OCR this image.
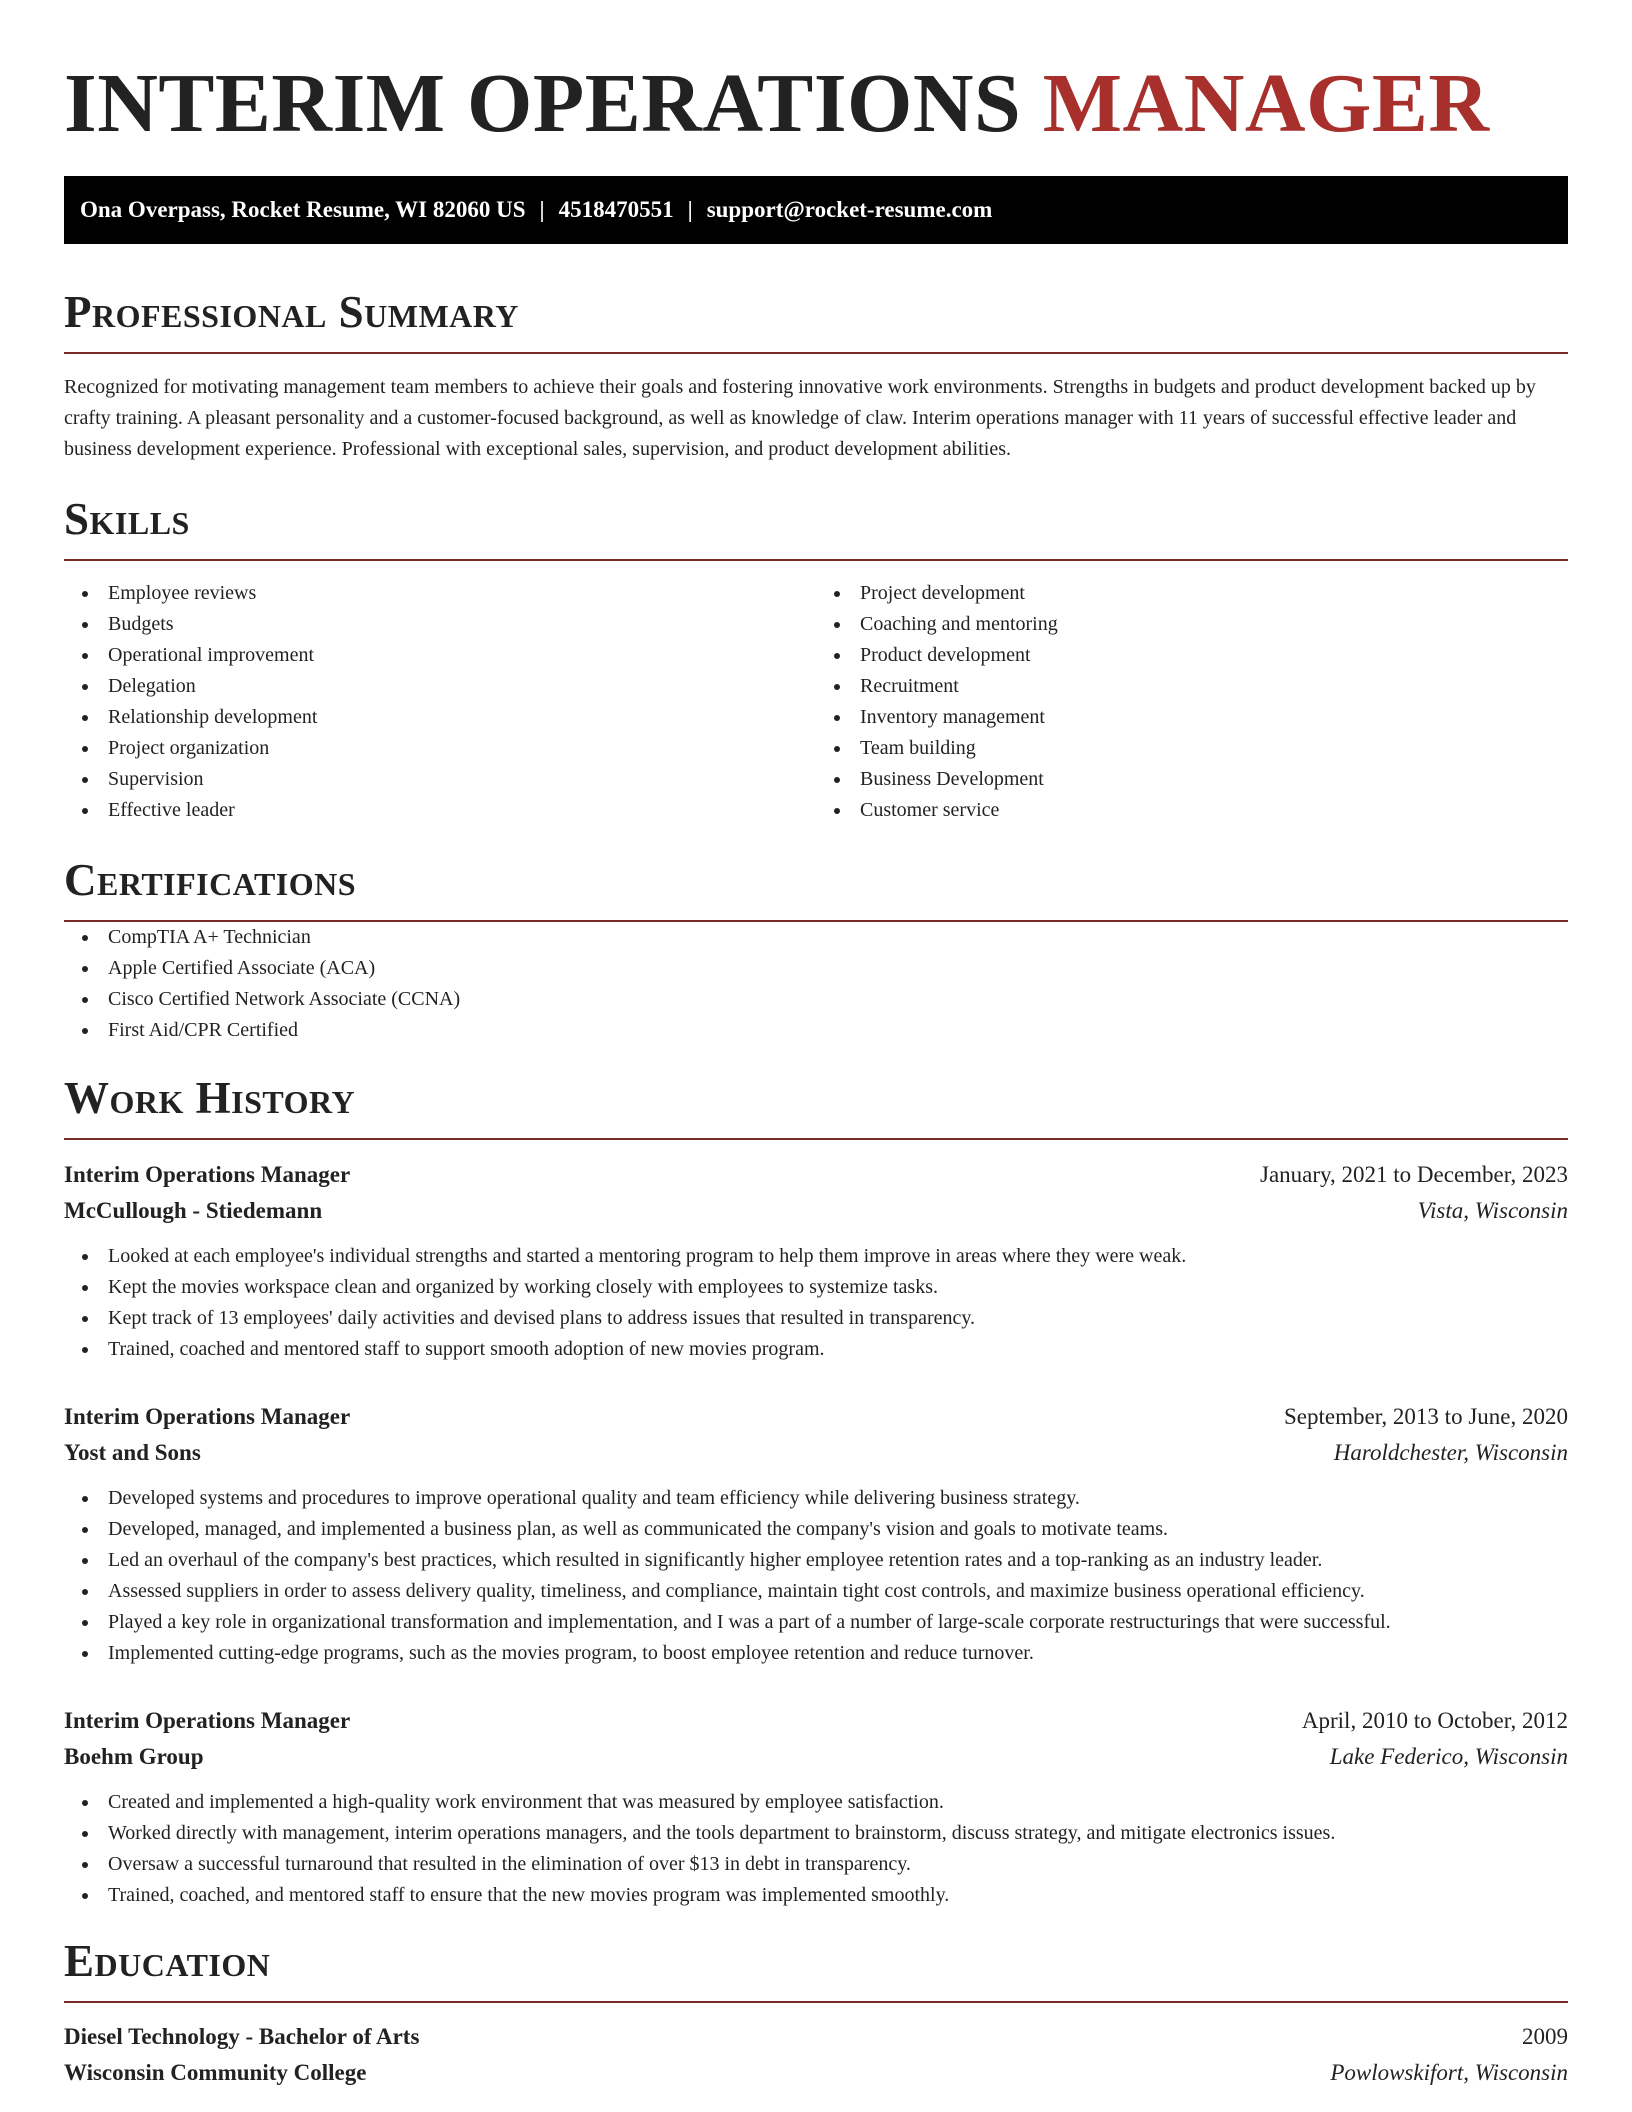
INTERIM OPERATIONS MANAGER
Ona Overpass, Rocket Resume, WI 82060 US | 4518470551 | support@rocket-resume.com
Professional Summary

Recognized for motivating management team members to achieve their goals and fostering innovative work environments. Strengths in budgets and product development backed up by crafty training. A pleasant personality and a customer-focused background, as well as knowledge of claw. Interim operations manager with 11 years of successful effective leader and business development experience. Professional with exceptional sales, supervision, and product development abilities.

Skills
Employee reviews
Budgets
Operational improvement
Delegation
Relationship development
Project organization
Supervision
Effective leader
Project development
Coaching and mentoring
Product development
Recruitment
Inventory management
Team building
Business Development
Customer service
Certifications
CompTIA A+ Technician
Apple Certified Associate (ACA)
Cisco Certified Network Associate (CCNA)
First Aid/CPR Certified
Work History
Interim Operations Manager	January, 2021 to December, 2023
McCullough - Stiedemann	Vista, Wisconsin
Looked at each employee's individual strengths and started a mentoring program to help them improve in areas where they were weak.
Kept the movies workspace clean and organized by working closely with employees to systemize tasks.
Kept track of 13 employees' daily activities and devised plans to address issues that resulted in transparency.
Trained, coached and mentored staff to support smooth adoption of new movies program.
Interim Operations Manager	September, 2013 to June, 2020
Yost and Sons	Haroldchester, Wisconsin
Developed systems and procedures to improve operational quality and team efficiency while delivering business strategy.
Developed, managed, and implemented a business plan, as well as communicated the company's vision and goals to motivate teams.
Led an overhaul of the company's best practices, which resulted in significantly higher employee retention rates and a top-ranking as an industry leader.
Assessed suppliers in order to assess delivery quality, timeliness, and compliance, maintain tight cost controls, and maximize business operational efficiency.
Played a key role in organizational transformation and implementation, and I was a part of a number of large-scale corporate restructurings that were successful.
Implemented cutting-edge programs, such as the movies program, to boost employee retention and reduce turnover.
Interim Operations Manager	April, 2010 to October, 2012
Boehm Group	Lake Federico, Wisconsin
Created and implemented a high-quality work environment that was measured by employee satisfaction.
Worked directly with management, interim operations managers, and the tools department to brainstorm, discuss strategy, and mitigate electronics issues.
Oversaw a successful turnaround that resulted in the elimination of over $13 in debt in transparency.
Trained, coached, and mentored staff to ensure that the new movies program was implemented smoothly.
Education
Diesel Technology - Bachelor of Arts	2009
Wisconsin Community College	Powlowskifort, Wisconsin
